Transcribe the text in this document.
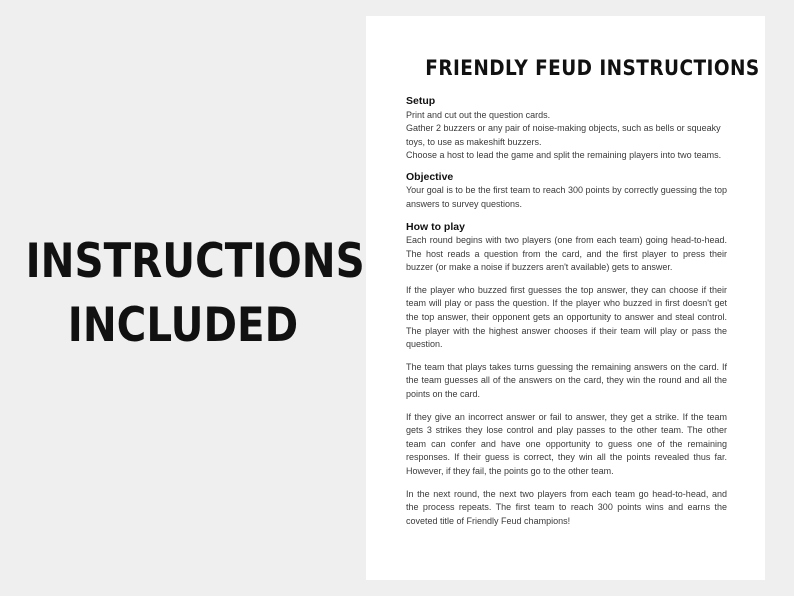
INSTRUCTIONS
INCLUDED
FRIENDLY FEUD INSTRUCTIONS
Setup
Print and cut out the question cards.
Gather 2 buzzers or any pair of noise-making objects, such as bells or squeaky toys, to use as makeshift buzzers.
Choose a host to lead the game and split the remaining players into two teams.
Objective
Your goal is to be the first team to reach 300 points by correctly guessing the top answers to survey questions.
How to play
Each round begins with two players (one from each team) going head-to-head. The host reads a question from the card, and the first player to press their buzzer (or make a noise if buzzers aren't available) gets to answer.
If the player who buzzed first guesses the top answer, they can choose if their team will play or pass the question. If the player who buzzed in first doesn't get the top answer, their opponent gets an opportunity to answer and steal control. The player with the highest answer chooses if their team will play or pass the question.
The team that plays takes turns guessing the remaining answers on the card. If the team guesses all of the answers on the card, they win the round and all the points on the card.
If they give an incorrect answer or fail to answer, they get a strike. If the team gets 3 strikes they lose control and play passes to the other team. The other team can confer and have one opportunity to guess one of the remaining responses. If their guess is correct, they win all the points revealed thus far. However, if they fail, the points go to the other team.
In the next round, the next two players from each team go head-to-head, and the process repeats. The first team to reach 300 points wins and earns the coveted title of Friendly Feud champions!
